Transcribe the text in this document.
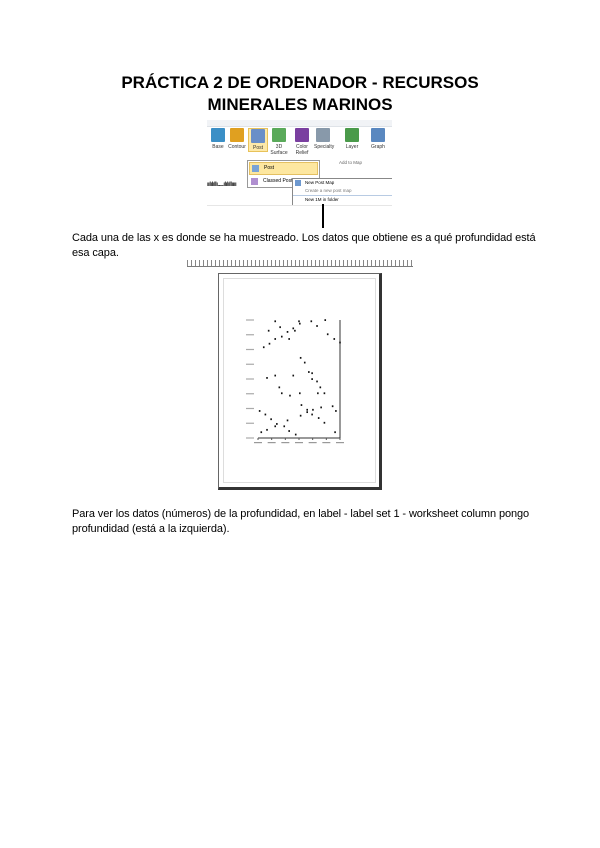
PRÁCTICA 2 DE ORDENADOR - RECURSOS
MINERALES MARINOS
Base Contour	Post	3D Surface
Color Relief
Specialty	Layer	Graph
Add to Map
ıılılıllı.....ılılıllıııı
Post
Classed Post	New Post Map
Create a new post map
New 1M in folder
Cada una de las x es donde se ha muestreado. Los datos que obtiene es a qué profundidad está esa capa.
Para ver los datos (números) de la profundidad, en label - label set 1 - worksheet column pongo profundidad (está a la izquierda).
